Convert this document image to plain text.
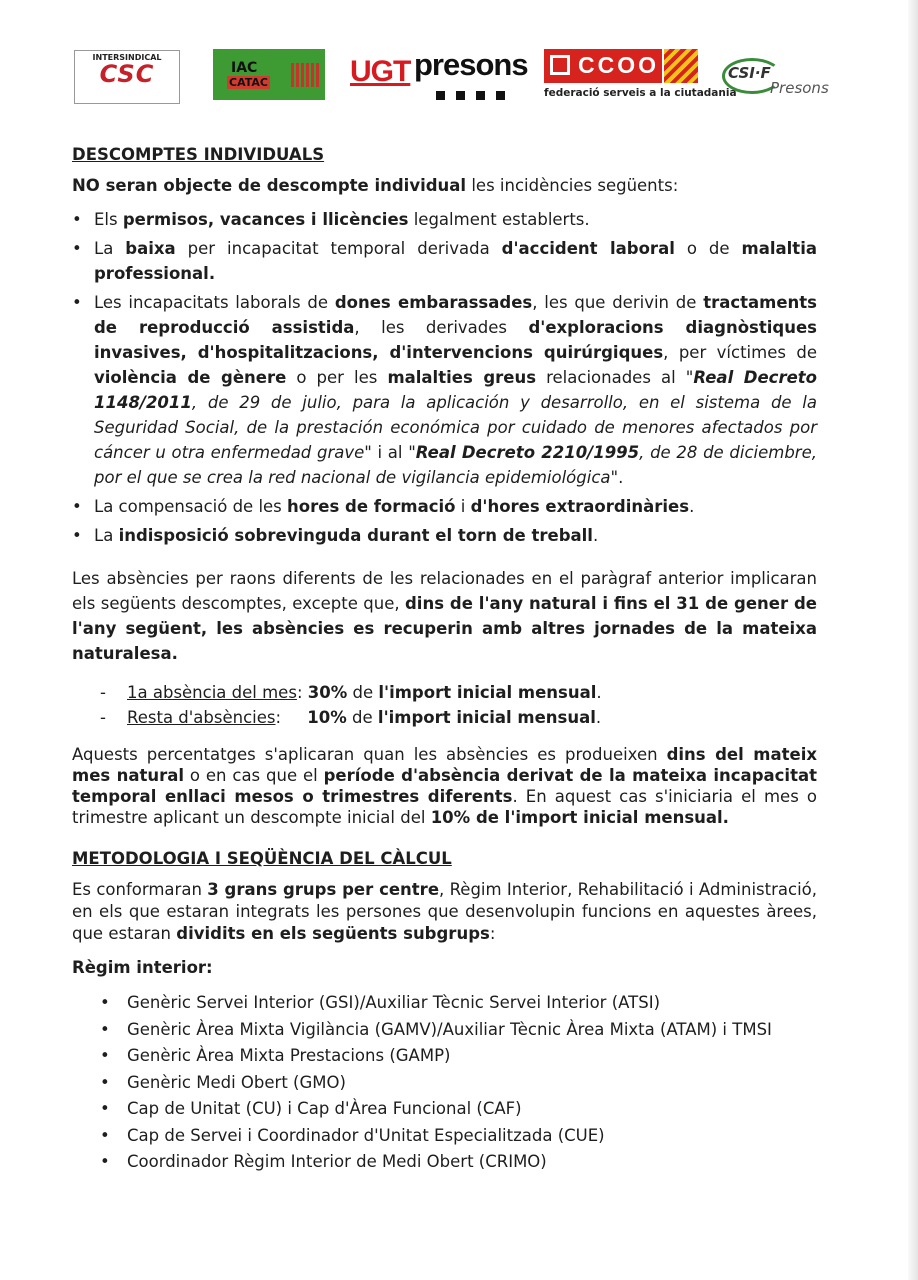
INTERSINDICAL
CSC	IAC
CATAC	UGT presons CCOO
federació serveis a la ciutadania
CSI·F
Presons

DESCOMPTES INDIVIDUALS

NO seran objecte de descompte individual les incidències següents:

• Els permisos, vacances i llicències legalment establerts.

• La baixa per incapacitat temporal derivada d'accident laboral o de malaltia professional.

• Les incapacitats laborals de dones embarassades, les que derivin de tractaments de reproducció assistida, les derivades d'exploracions diagnòstiques invasives, d'hospitalitzacions, d'intervencions quirúrgiques, per víctimes de violència de gènere o per les malalties greus relacionades al "Real Decreto 1148/2011, de 29 de julio, para la aplicación y desarrollo, en el sistema de la Seguridad Social, de la prestación económica por cuidado de menores afectados por cáncer u otra enfermedad grave" i al "Real Decreto 2210/1995, de 28 de diciembre, por el que se crea la red nacional de vigilancia epidemiológica".

• La compensació de les hores de formació i d'hores extraordinàries.

• La indisposició sobrevinguda durant el torn de treball.

Les absències per raons diferents de les relacionades en el paràgraf anterior implicaran els següents descomptes, excepte que, dins de l'any natural i fins el 31 de gener de l'any següent, les absències es recuperin amb altres jornades de la mateixa naturalesa.

- 1a absència del mes: 30% de l'import inicial mensual.

- Resta d'absències:     10% de l'import inicial mensual.

Aquests percentatges s'aplicaran quan les absències es produeixen dins del mateix mes natural o en cas que el període d'absència derivat de la mateixa incapacitat temporal enllaci mesos o trimestres diferents. En aquest cas s'iniciaria el mes o trimestre aplicant un descompte inicial del 10% de l'import inicial mensual.

METODOLOGIA I SEQÜÈNCIA DEL CÀLCUL

Es conformaran 3 grans grups per centre, Règim Interior, Rehabilitació i Administració, en els que estaran integrats les persones que desenvolupin funcions en aquestes àrees, que estaran dividits en els següents subgrups:

Règim interior:

• Genèric Servei Interior (GSI)/Auxiliar Tècnic Servei Interior (ATSI)

• Genèric Àrea Mixta Vigilància (GAMV)/Auxiliar Tècnic Àrea Mixta (ATAM) i TMSI

• Genèric Àrea Mixta Prestacions (GAMP)

• Genèric Medi Obert (GMO)

• Cap de Unitat (CU) i Cap d'Àrea Funcional (CAF)

• Cap de Servei i Coordinador d'Unitat Especialitzada (CUE)

• Coordinador Règim Interior de Medi Obert (CRIMO)
